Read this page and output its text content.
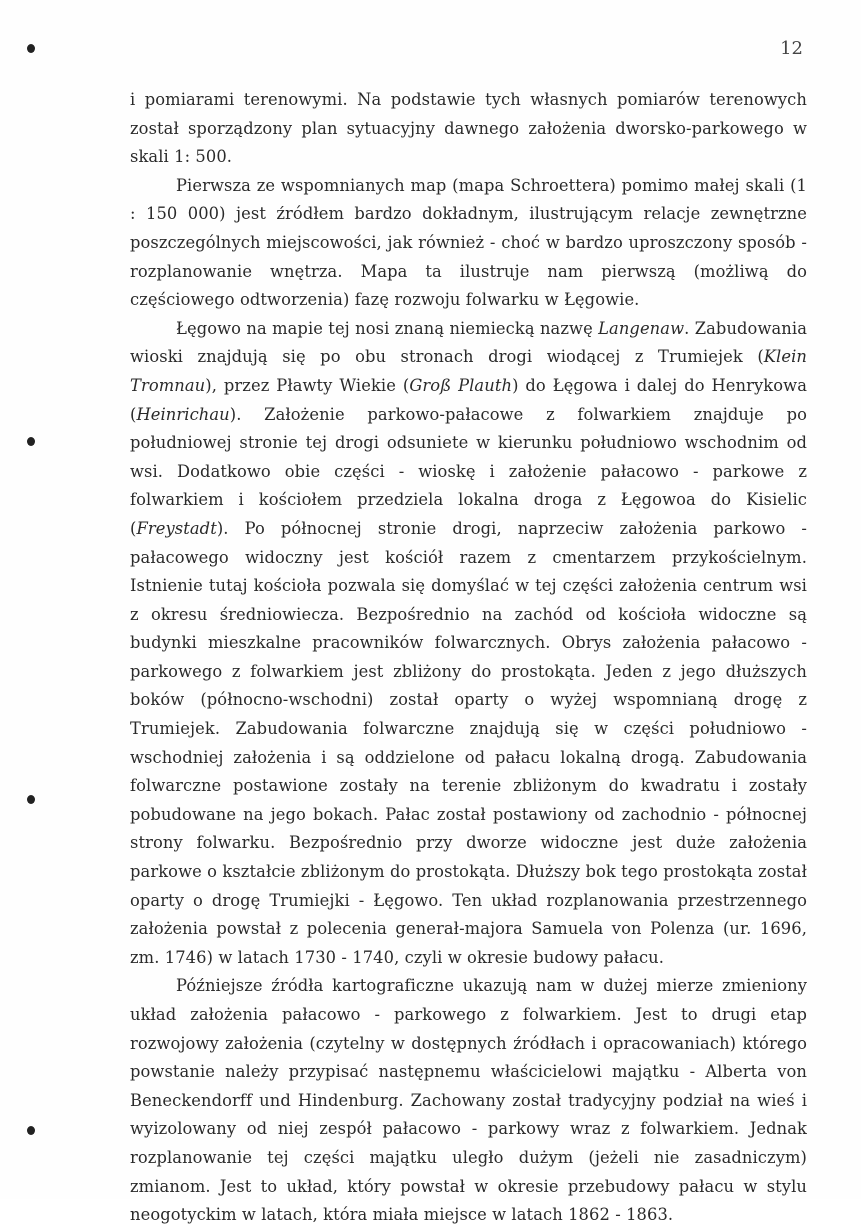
12

i pomiarami terenowymi. Na podstawie tych własnych pomiarów terenowych został sporządzony plan sytuacyjny dawnego założenia dworsko-parkowego w skali 1: 500.

Pierwsza ze wspomnianych map (mapa Schroettera) pomimo małej skali (1 : 150 000) jest źródłem bardzo dokładnym, ilustrującym relacje zewnętrzne poszczególnych miejscowości, jak również - choć w bardzo uproszczony sposób - rozplanowanie wnętrza. Mapa ta ilustruje nam pierwszą (możliwą do częściowego odtworzenia) fazę rozwoju folwarku w Łęgowie.

Łęgowo na mapie tej nosi znaną niemiecką nazwę Langenaw. Zabudowania wioski znajdują się po obu stronach drogi wiodącej z Trumiejek (Klein Tromnau), przez Pławty Wiekie (Groß Plauth) do Łęgowa i dalej do Henrykowa (Heinrichau). Założenie parkowo-pałacowe z folwarkiem znajduje po południowej stronie tej drogi odsuniete w kierunku południowo wschodnim od wsi. Dodatkowo obie części - wioskę i założenie pałacowo - parkowe z folwarkiem i kościołem przedziela lokalna droga z Łęgowoa do Kisielic (Freystadt). Po północnej stronie drogi, naprzeciw założenia parkowo - pałacowego widoczny jest kościół razem z cmentarzem przykościelnym. Istnienie tutaj kościoła pozwala się domyślać w tej części założenia centrum wsi z okresu średniowiecza. Bezpośrednio na zachód od kościoła widoczne są budynki mieszkalne pracowników folwarcznych. Obrys założenia pałacowo - parkowego z folwarkiem jest zbliżony do prostokąta. Jeden z jego dłuższych boków (północno-wschodni) został oparty o wyżej wspomnianą drogę z Trumiejek. Zabudowania folwarczne znajdują się w części południowo - wschodniej założenia i są oddzielone od pałacu lokalną drogą. Zabudowania folwarczne postawione zostały na terenie zbliżonym do kwadratu i zostały pobudowane na jego bokach. Pałac został postawiony od zachodnio - północnej strony folwarku. Bezpośrednio przy dworze widoczne jest duże założenia parkowe o kształcie zbliżonym do prostokąta. Dłuższy bok tego prostokąta został oparty o drogę Trumiejki - Łęgowo. Ten układ rozplanowania przestrzennego założenia powstał z polecenia generał-majora Samuela von Polenza (ur. 1696, zm. 1746) w latach 1730 - 1740, czyli w okresie budowy pałacu.

Późniejsze źródła kartograficzne ukazują nam w dużej mierze zmieniony układ założenia pałacowo - parkowego z folwarkiem. Jest to drugi etap rozwojowy założenia (czytelny w dostępnych źródłach i opracowaniach) którego powstanie należy przypisać następnemu właścicielowi majątku - Alberta von Beneckendorff und Hindenburg. Zachowany został tradycyjny podział na wieś i wyizolowany od niej zespół pałacowo - parkowy wraz z folwarkiem. Jednak rozplanowanie tej części majątku uległo dużym (jeżeli nie zasadniczym) zmianom. Jest to układ, który powstał w okresie przebudowy pałacu w stylu neogotyckim w latach, która miała miejsce w latach 1862 - 1863.
